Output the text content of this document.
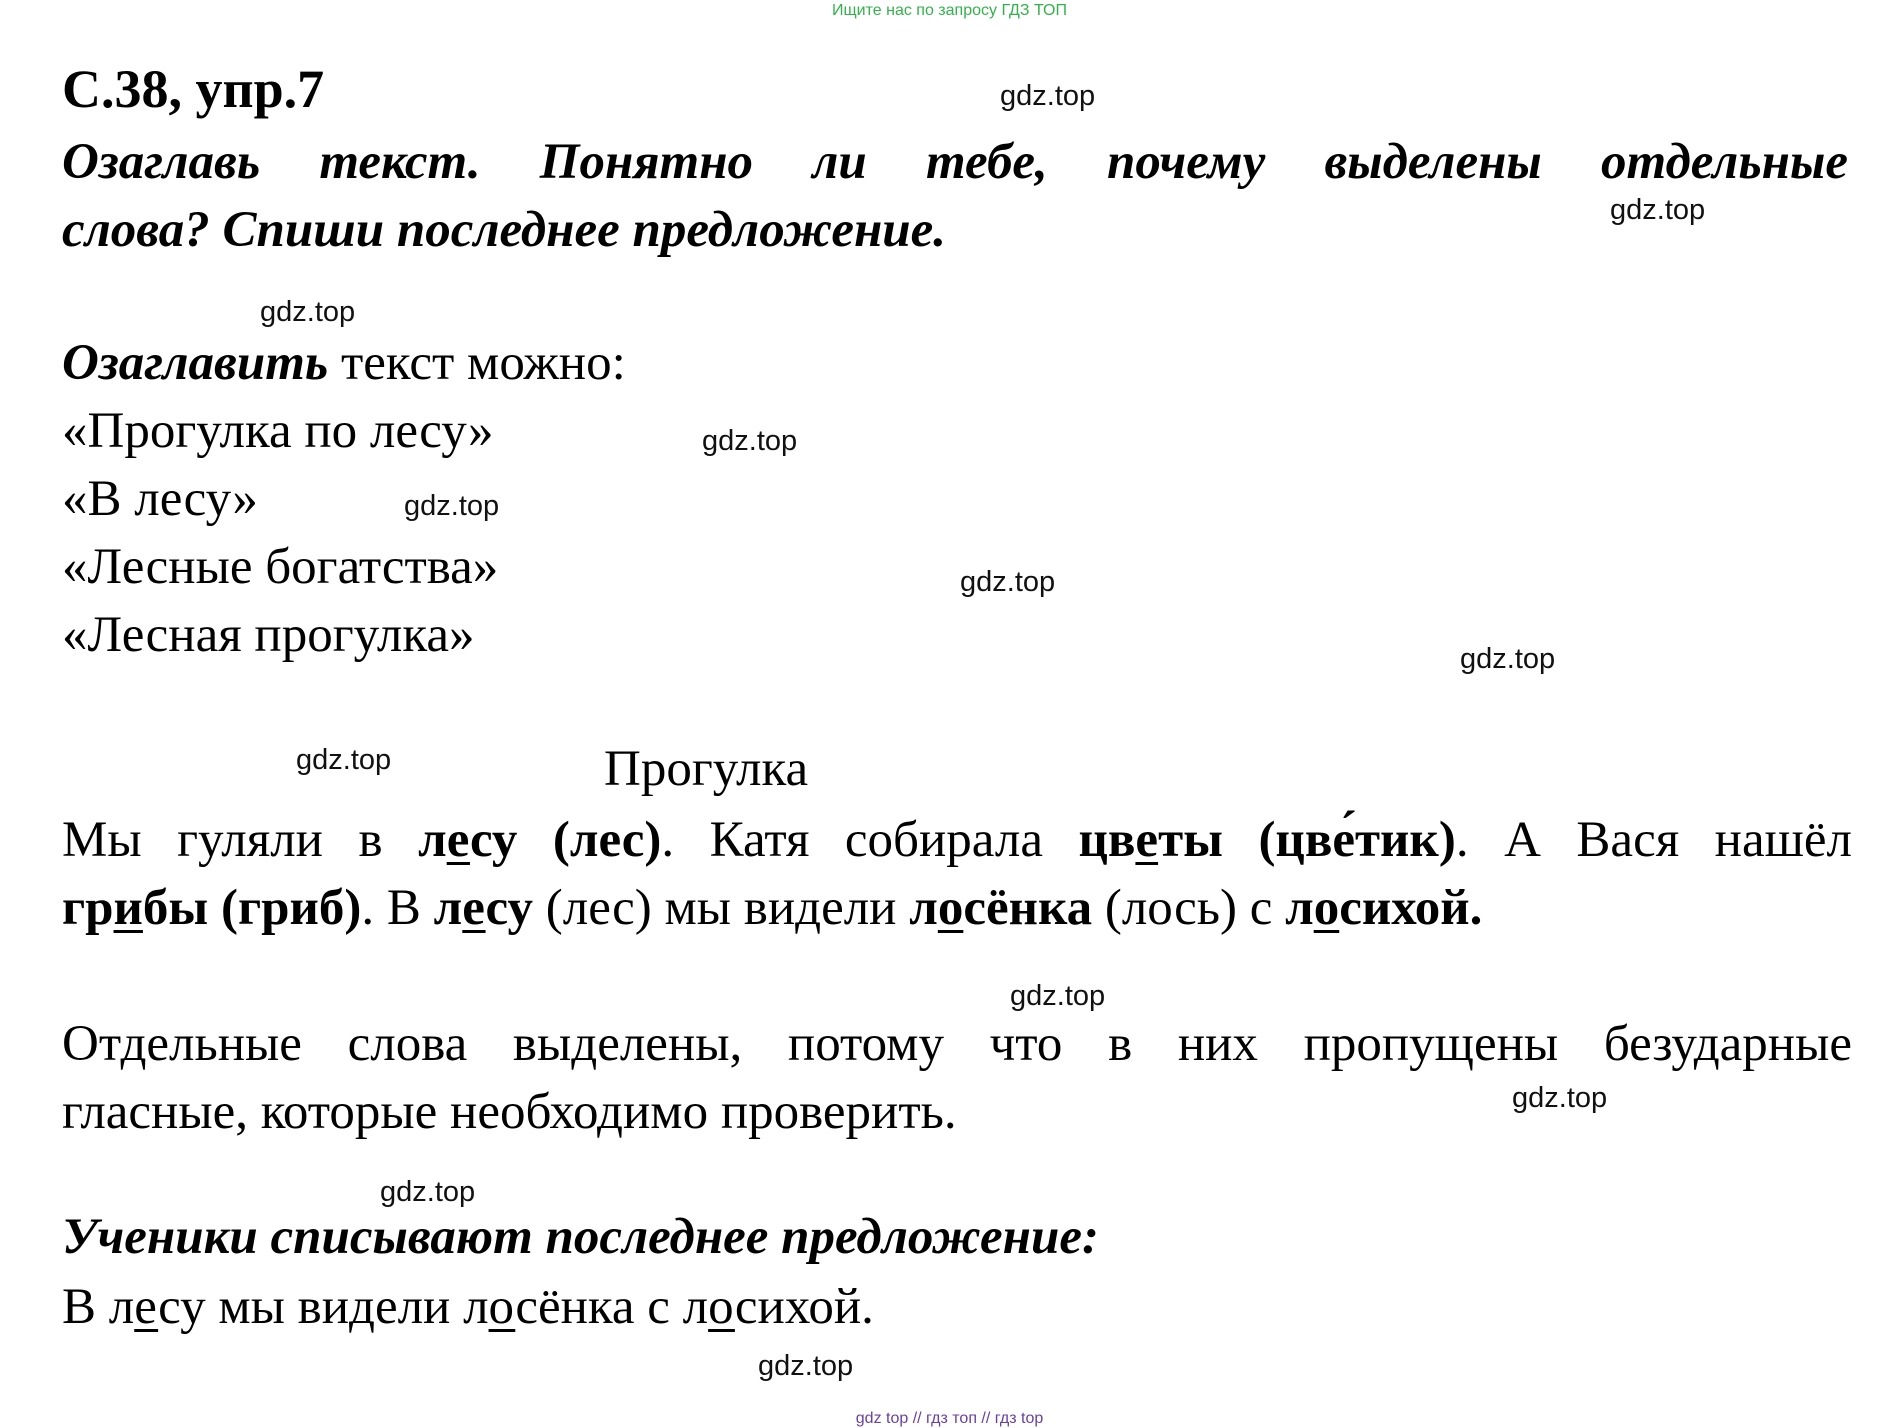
Ищите нас по запросу ГДЗ ТОП
С.38, упр.7	gdz.top
Озаглавь текст. Понятно ли тебе, почему выделены отдельные
слова? Спиши последнее предложение.	gdz.top
gdz.top
Озаглавить текст можно:
«Прогулка по лесу»	gdz.top
«В лесу»	gdz.top
«Лесные богатства»	gdz.top
«Лесная прогулка»	gdz.top
gdz.top	Прогулка
Мы гуляли в лесу (лес). Катя собирала цветы (цве́тик). А Вася нашёл
грибы (гриб). В лесу (лес) мы видели лосёнка (лось) с лосихой.
gdz.top
Отдельные слова выделены, потому что в них пропущены безударные
гласные, которые необходимо проверить.	gdz.top
gdz.top
Ученики списывают последнее предложение:
В лесу мы видели лосёнка с лосихой.
gdz.top
gdz top // гдз топ // гдз top
